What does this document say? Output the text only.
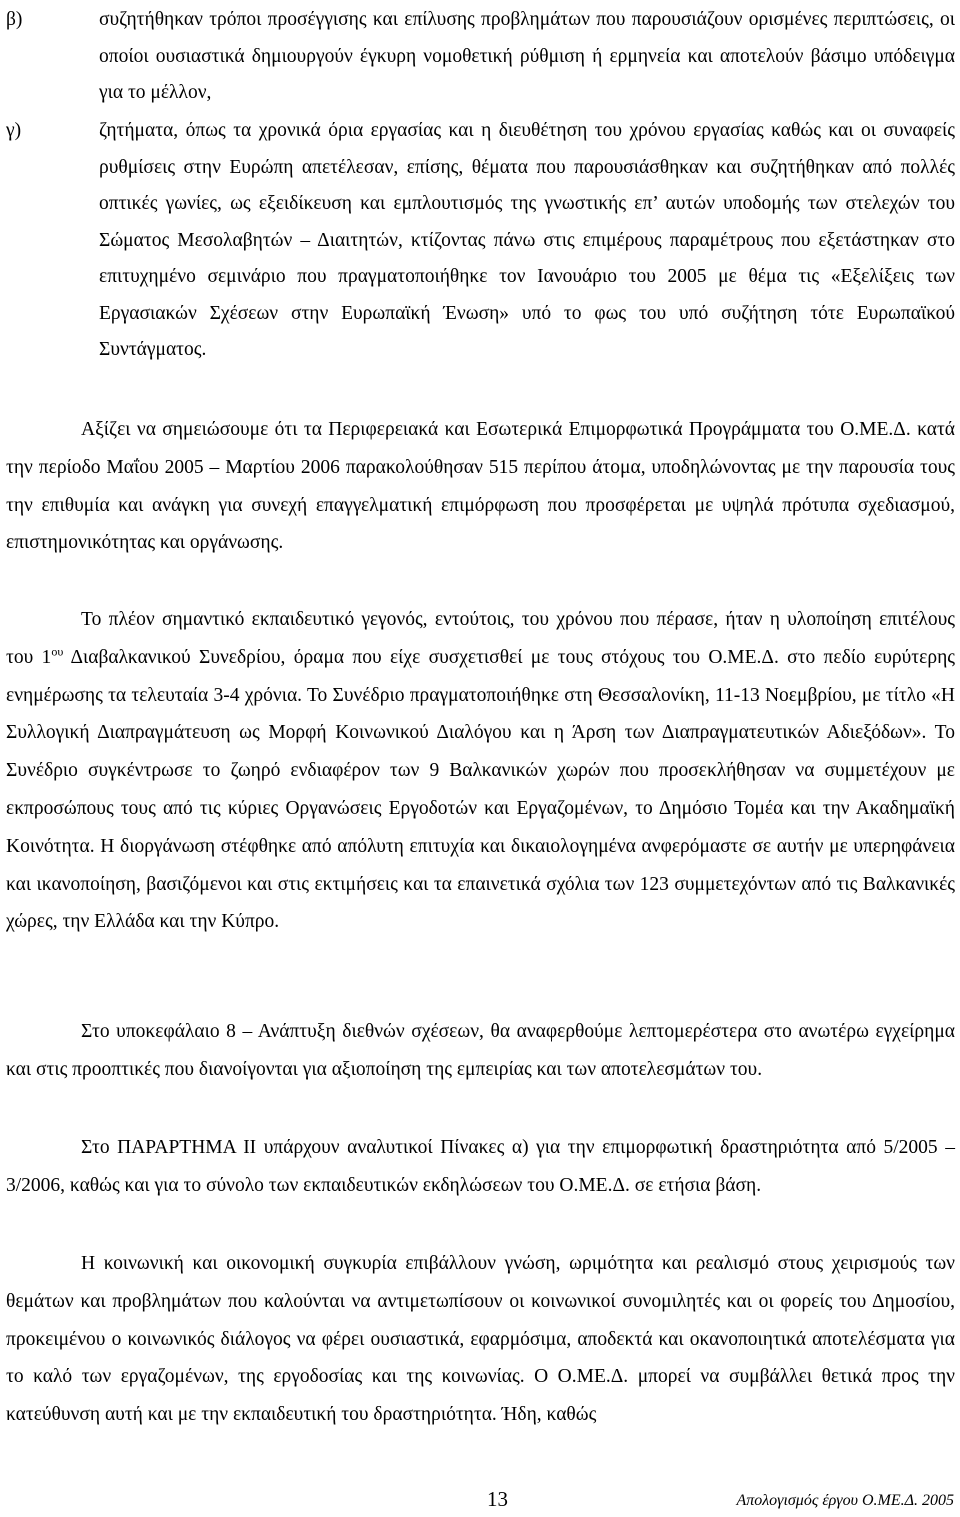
β)	συζητήθηκαν τρόποι προσέγγισης και επίλυσης προβλημάτων που παρουσιάζουν ορισμένες περιπτώσεις, οι οποίοι ουσιαστικά δημιουργούν έγκυρη νομοθετική ρύθμιση ή ερμηνεία και αποτελούν βάσιμο υπόδειγμα για το μέλλον,
γ)	ζητήματα, όπως τα χρονικά όρια εργασίας και η διευθέτηση του χρόνου εργασίας καθώς και οι συναφείς ρυθμίσεις στην Ευρώπη απετέλεσαν, επίσης, θέματα που παρουσιάσθηκαν και συζητήθηκαν από πολλές οπτικές γωνίες, ως εξειδίκευση και εμπλουτισμός της γνωστικής επ’ αυτών υποδομής των στελεχών του Σώματος Μεσολαβητών – Διαιτητών, κτίζοντας πάνω στις επιμέρους παραμέτρους που εξετάστηκαν στο επιτυχημένο σεμινάριο που πραγματοποιήθηκε τον Ιανουάριο του 2005 με θέμα τις «Εξελίξεις των Εργασιακών Σχέσεων στην Ευρωπαϊκή Ένωση» υπό το φως του υπό συζήτηση τότε Ευρωπαϊκού Συντάγματος.

Αξίζει να σημειώσουμε ότι τα Περιφερειακά και Εσωτερικά Επιμορφωτικά Προγράμματα του Ο.ΜΕ.Δ. κατά την περίοδο Μαΐου 2005 – Μαρτίου 2006 παρακολούθησαν 515 περίπου άτομα, υποδηλώνοντας με την παρουσία τους την επιθυμία και ανάγκη για συνεχή επαγγελματική επιμόρφωση που προσφέρεται με υψηλά πρότυπα σχεδιασμού, επιστημονικότητας και οργάνωσης.

Το πλέον σημαντικό εκπαιδευτικό γεγονός, εντούτοις, του χρόνου που πέρασε, ήταν η υλοποίηση επιτέλους του $1^{o\upsilon}$ Διαβαλκανικού Συνεδρίου, όραμα που είχε συσχετισθεί με τους στόχους του Ο.ΜΕ.Δ. στο πεδίο ευρύτερης ενημέρωσης τα τελευταία 3-4 χρόνια. Το Συνέδριο πραγματοποιήθηκε στη Θεσσαλονίκη, 11-13 Νοεμβρίου, με τίτλο «Η Συλλογική Διαπραγμάτευση ως Μορφή Κοινωνικού Διαλόγου και η Άρση των Διαπραγματευτικών Αδιεξόδων». Το Συνέδριο συγκέντρωσε το ζωηρό ενδιαφέρον των 9 Βαλκανικών χωρών που προσεκλήθησαν να συμμετέχουν με εκπροσώπους τους από τις κύριες Οργανώσεις Εργοδοτών και Εργαζομένων, το Δημόσιο Τομέα και την Ακαδημαϊκή Κοινότητα. Η διοργάνωση στέφθηκε από απόλυτη επιτυχία και δικαιολογημένα ανφερόμαστε σε αυτήν με υπερηφάνεια και ικανοποίηση, βασιζόμενοι και στις εκτιμήσεις και τα επαινετικά σχόλια των 123 συμμετεχόντων από τις Βαλκανικές χώρες, την Ελλάδα και την Κύπρο.

Στο υποκεφάλαιο 8 – Ανάπτυξη διεθνών σχέσεων, θα αναφερθούμε λεπτομερέστερα στο ανωτέρω εγχείρημα και στις προοπτικές που διανοίγονται για αξιοποίηση της εμπειρίας και των αποτελεσμάτων του.

Στο ΠΑΡΑΡΤΗΜΑ ΙΙ υπάρχουν αναλυτικοί Πίνακες α) για την επιμορφωτική δραστηριότητα από 5/2005 – 3/2006, καθώς και για το σύνολο των εκπαιδευτικών εκδηλώσεων του Ο.ΜΕ.Δ. σε ετήσια βάση.

Η κοινωνική και οικονομική συγκυρία επιβάλλουν γνώση, ωριμότητα και ρεαλισμό στους χειρισμούς των θεμάτων και προβλημάτων που καλούνται να αντιμετωπίσουν οι κοινωνικοί συνομιλητές και οι φορείς του Δημοσίου, προκειμένου ο κοινωνικός διάλογος να φέρει ουσιαστικά, εφαρμόσιμα, αποδεκτά και οκανοποιητικά αποτελέσματα για το καλό των εργαζομένων, της εργοδοσίας και της κοινωνίας. Ο Ο.ΜΕ.Δ. μπορεί να συμβάλλει θετικά προς την κατεύθυνση αυτή και με την εκπαιδευτική του δραστηριότητα. Ήδη, καθώς

13	Απολογισμός έργου Ο.ΜΕ.Δ. 2005
